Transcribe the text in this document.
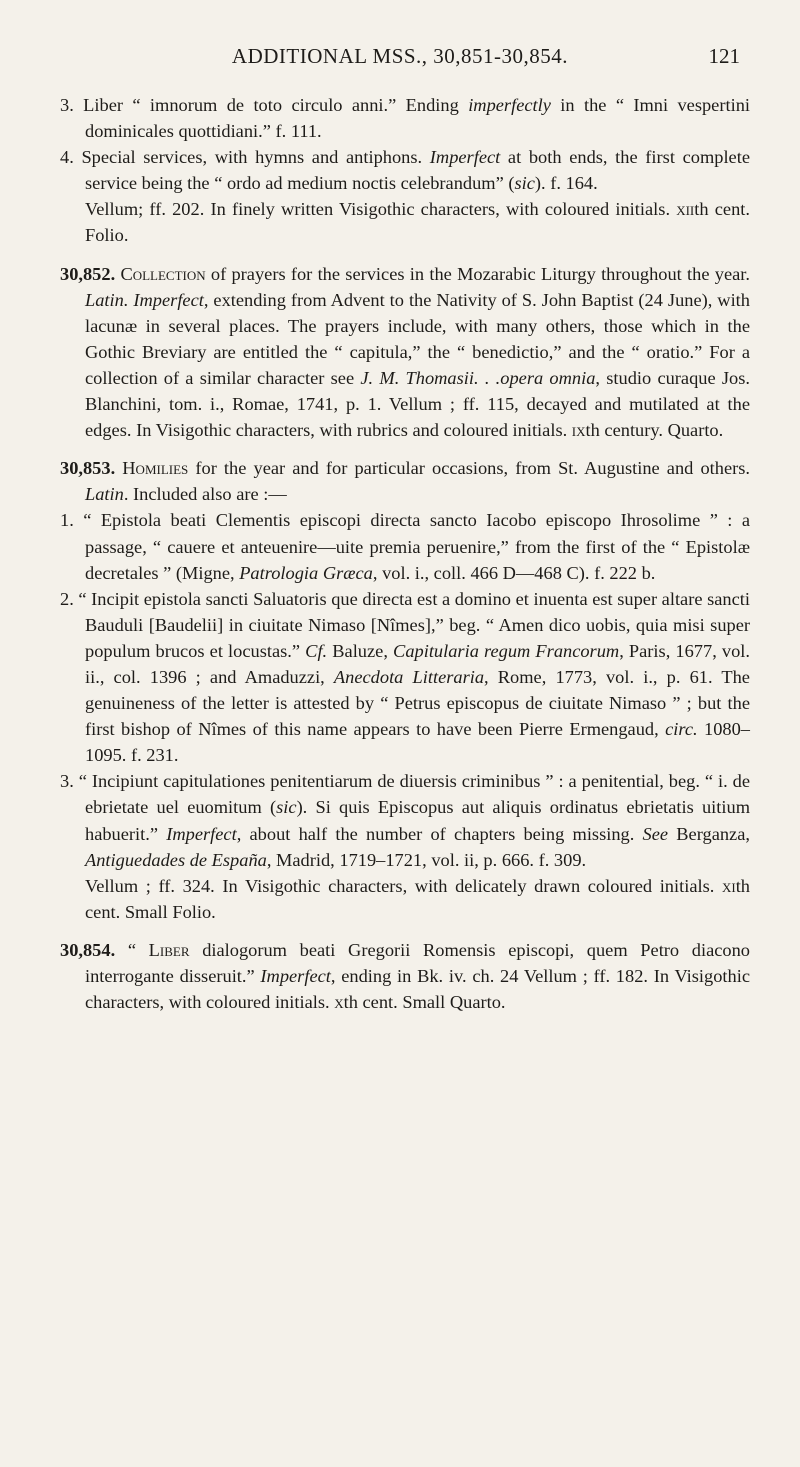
ADDITIONAL MSS., 30,851-30,854.	121

3. Liber “ imnorum de toto circulo anni.” Ending imperfectly in the “ Imni vespertini dominicales quottidiani.” f. 111.

4. Special services, with hymns and antiphons. Imperfect at both ends, the first complete service being the “ ordo ad medium noctis celebrandum” (sic). f. 164.

Vellum; ff. 202. In finely written Visigothic characters, with coloured initials. xiith cent. Folio.

30,852. Collection of prayers for the services in the Mozarabic Liturgy throughout the year. Latin. Imperfect, extending from Advent to the Nativity of S. John Baptist (24 June), with lacunæ in several places. The prayers include, with many others, those which in the Gothic Breviary are entitled the “ capitula,” the “ benedictio,” and the “ oratio.” For a collection of a similar character see J. M. Thomasii. . .opera omnia, studio curaque Jos. Blanchini, tom. i., Romae, 1741, p. 1. Vellum ; ff. 115, decayed and mutilated at the edges. In Visigothic characters, with rubrics and coloured initials. ixth century. Quarto.

30,853. Homilies for the year and for particular occasions, from St. Augustine and others. Latin. Included also are :—

1. “ Epistola beati Clementis episcopi directa sancto Iacobo episcopo Ihrosolime ” : a passage, “ cauere et anteuenire—uite premia peruenire,” from the first of the “ Epistolæ decretales ” (Migne, Patrologia Græca, vol. i., coll. 466 D—468 C). f. 222 b.

2. “ Incipit epistola sancti Saluatoris que directa est a domino et inuenta est super altare sancti Bauduli [Baudelii] in ciuitate Nimaso [Nîmes],” beg. “ Amen dico uobis, quia misi super populum brucos et locustas.” Cf. Baluze, Capitularia regum Francorum, Paris, 1677, vol. ii., col. 1396 ; and Amaduzzi, Anecdota Litteraria, Rome, 1773, vol. i., p. 61. The genuineness of the letter is attested by “ Petrus episcopus de ciuitate Nimaso ” ; but the first bishop of Nîmes of this name appears to have been Pierre Ermengaud, circ. 1080–1095. f. 231.

3. “ Incipiunt capitulationes penitentiarum de diuersis criminibus ” : a penitential, beg. “ i. de ebrietate uel euomitum (sic). Si quis Episcopus aut aliquis ordinatus ebrietatis uitium habuerit.” Imperfect, about half the number of chapters being missing. See Berganza, Antiguedades de España, Madrid, 1719–1721, vol. ii, p. 666. f. 309.

Vellum ; ff. 324. In Visigothic characters, with delicately drawn coloured initials. xith cent. Small Folio.

30,854. “ Liber dialogorum beati Gregorii Romensis episcopi, quem Petro diacono interrogante disseruit.” Imperfect, ending in Bk. iv. ch. 24 Vellum ; ff. 182. In Visigothic characters, with coloured initials. xth cent. Small Quarto.
